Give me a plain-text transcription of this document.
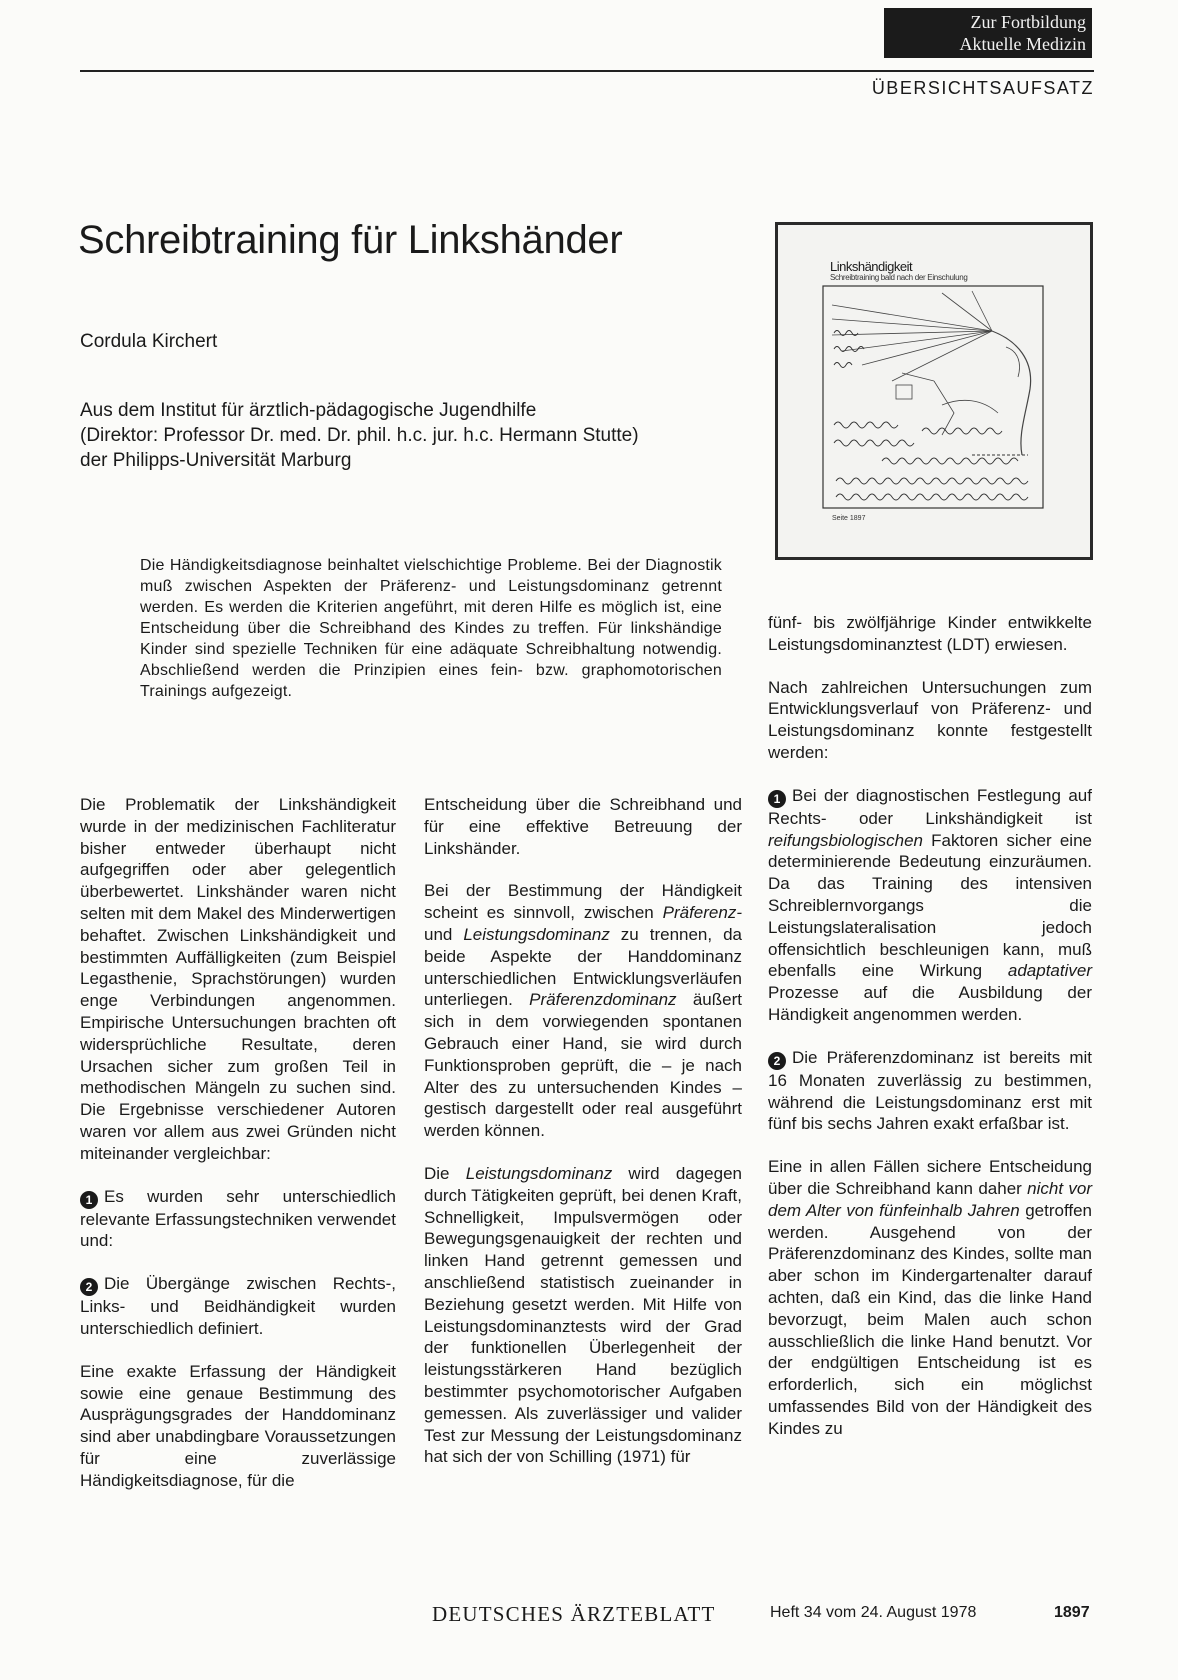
Zur Fortbildung
Aktuelle Medizin
ÜBERSICHTSAUFSATZ
Schreibtraining für Linkshänder
Cordula Kirchert
Aus dem Institut für ärztlich-pädagogische Jugendhilfe
(Direktor: Professor Dr. med. Dr. phil. h.c. jur. h.c. Hermann Stutte)
der Philipps-Universität Marburg
Linkshändigkeit
Schreibtraining bald nach der Einschulung
Seite 1897
Die Händigkeitsdiagnose beinhaltet vielschichtige Probleme. Bei der Diagnostik muß zwischen Aspekten der Präferenz- und Leistungsdominanz getrennt werden. Es werden die Kriterien angeführt, mit deren Hilfe es möglich ist, eine Entscheidung über die Schreibhand des Kindes zu treffen. Für linkshändige Kinder sind spezielle Techniken für eine adäquate Schreibhaltung notwendig. Abschließend werden die Prinzipien eines fein- bzw. graphomotorischen Trainings aufgezeigt.

Die Problematik der Linkshändigkeit wurde in der medizinischen Fachliteratur bisher entweder überhaupt nicht aufgegriffen oder aber gelegentlich überbewertet. Linkshänder waren nicht selten mit dem Makel des Minderwertigen behaftet. Zwischen Linkshändigkeit und bestimmten Auffälligkeiten (zum Beispiel Legasthenie, Sprachstörungen) wurden enge Verbindungen angenommen. Empirische Untersuchungen brachten oft widersprüchliche Resultate, deren Ursachen sicher zum großen Teil in methodischen Mängeln zu suchen sind. Die Ergebnisse verschiedener Autoren waren vor allem aus zwei Gründen nicht miteinander vergleichbar:

1 Es wurden sehr unterschiedlich relevante Erfassungstechniken verwendet und:

2 Die Übergänge zwischen Rechts-, Links- und Beidhändigkeit wurden unterschiedlich definiert.

Eine exakte Erfassung der Händigkeit sowie eine genaue Bestimmung des Ausprägungsgrades der Handdominanz sind aber unabdingbare Voraussetzungen für eine zuverlässige Händigkeitsdiagnose, für die

Entscheidung über die Schreibhand und für eine effektive Betreuung der Linkshänder.

Bei der Bestimmung der Händigkeit scheint es sinnvoll, zwischen Präferenz- und Leistungsdominanz zu trennen, da beide Aspekte der Handdominanz unterschiedlichen Entwicklungsverläufen unterliegen. Präferenzdominanz äußert sich in dem vorwiegenden spontanen Gebrauch einer Hand, sie wird durch Funktionsproben geprüft, die – je nach Alter des zu untersuchenden Kindes – gestisch dargestellt oder real ausgeführt werden können.

Die Leistungsdominanz wird dagegen durch Tätigkeiten geprüft, bei denen Kraft, Schnelligkeit, Impulsvermögen oder Bewegungsgenauigkeit der rechten und linken Hand getrennt gemessen und anschließend statistisch zueinander in Beziehung gesetzt werden. Mit Hilfe von Leistungsdominanztests wird der Grad der funktionellen Überlegenheit der leistungsstärkeren Hand bezüglich bestimmter psychomotorischer Aufgaben gemessen. Als zuverlässiger und valider Test zur Messung der Leistungsdominanz hat sich der von Schilling (1971) für

fünf- bis zwölfjährige Kinder entwikkelte Leistungsdominanztest (LDT) erwiesen.

Nach zahlreichen Untersuchungen zum Entwicklungsverlauf von Präferenz- und Leistungsdominanz konnte festgestellt werden:

1 Bei der diagnostischen Festlegung auf Rechts- oder Linkshändigkeit ist reifungsbiologischen Faktoren sicher eine determinierende Bedeutung einzuräumen. Da das Training des intensiven Schreiblernvorgangs die Leistungslateralisation jedoch offensichtlich beschleunigen kann, muß ebenfalls eine Wirkung adaptativer Prozesse auf die Ausbildung der Händigkeit angenommen werden.

2 Die Präferenzdominanz ist bereits mit 16 Monaten zuverlässig zu bestimmen, während die Leistungsdominanz erst mit fünf bis sechs Jahren exakt erfaßbar ist.

Eine in allen Fällen sichere Entscheidung über die Schreibhand kann daher nicht vor dem Alter von fünfeinhalb Jahren getroffen werden. Ausgehend von der Präferenzdominanz des Kindes, sollte man aber schon im Kindergartenalter darauf achten, daß ein Kind, das die linke Hand bevorzugt, beim Malen auch schon ausschließlich die linke Hand benutzt. Vor der endgültigen Entscheidung ist es erforderlich, sich ein möglichst umfassendes Bild von der Händigkeit des Kindes zu

DEUTSCHES ÄRZTEBLATT	Heft 34 vom 24. August 1978	1897
